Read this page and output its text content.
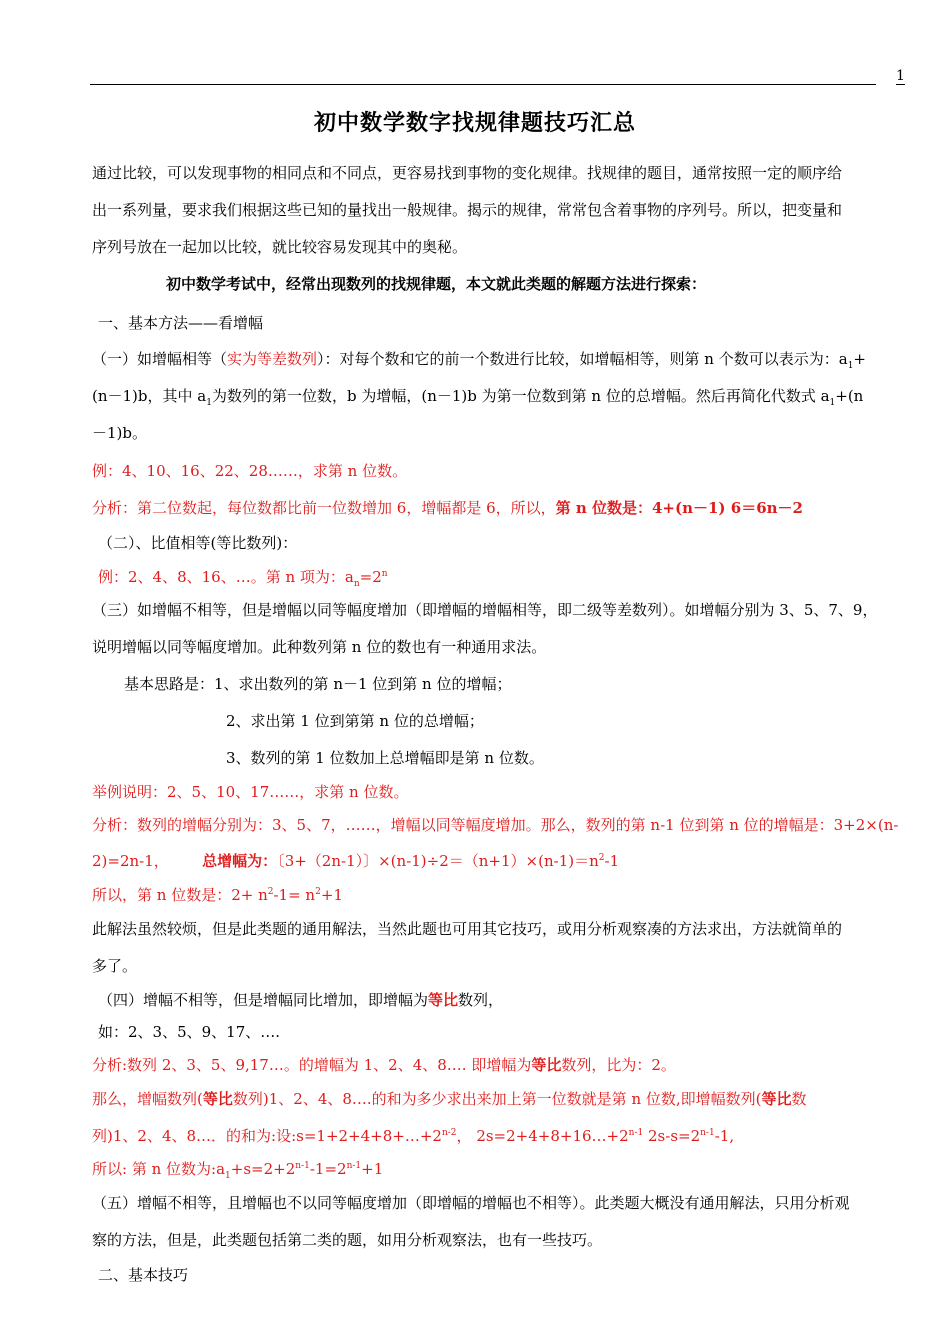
1
初中数学数字找规律题技巧汇总
通过比较，可以发现事物的相同点和不同点，更容易找到事物的变化规律。找规律的题目，通常按照一定的顺序给
出一系列量，要求我们根据这些已知的量找出一般规律。揭示的规律，常常包含着事物的序列号。所以，把变量和
序列号放在一起加以比较，就比较容易发现其中的奥秘。
初中数学考试中，经常出现数列的找规律题，本文就此类题的解题方法进行探索：
一、基本方法——看增幅
（一）如增幅相等（实为等差数列）：对每个数和它的前一个数进行比较，如增幅相等，则第 n 个数可以表示为：$a_1+$
(n－1)b，其中 $a_1$为数列的第一位数，b 为增幅，(n－1)b 为第一位数到第 n 位的总增幅。然后再简化代数式 $a_1+(n$
－1)b。
例：4、10、16、22、28……，求第 n 位数。
分析：第二位数起，每位数都比前一位数增加 6，增幅都是 6，所以，第 n 位数是：4+(n－1) 6＝6n－2
（二）、比值相等(等比数列)：
例：2、4、8、16、…。第 n 项为：$a_n=2^n$
（三）如增幅不相等，但是增幅以同等幅度增加（即增幅的增幅相等，即二级等差数列）。如增幅分别为 3、5、7、9，
说明增幅以同等幅度增加。此种数列第 n 位的数也有一种通用求法。
基本思路是：1、求出数列的第 n－1 位到第 n 位的增幅；
2、求出第 1 位到第第 n 位的总增幅；
3、数列的第 1 位数加上总增幅即是第 n 位数。
举例说明：2、5、10、17……，求第 n 位数。
分析：数列的增幅分别为：3、5、7，……，增幅以同等幅度增加。那么，数列的第 n-1 位到第 n 位的增幅是：3+2×(n-
2)=2n-1， 总增幅为：〔3+（2n-1）〕$\times(n-1)\div 2=(n+1)\times(n-1)=n^2-1$
所以，第 n 位数是：$2+ n^2-1= n^2+1$
此解法虽然较烦，但是此类题的通用解法，当然此题也可用其它技巧，或用分析观察凑的方法求出，方法就简单的
多了。
（四）增幅不相等，但是增幅同比增加，即增幅为等比数列，
如：2、3、5、9、17、….
分析:数列 2、3、5、9,17…。的增幅为 1、2、4、8…. 即增幅为等比数列，比为：2。
那么，增幅数列(等比数列)1、2、4、8….的和为多少求出来加上第一位数就是第 n 位数,即增幅数列(等比数
列)1、2、4、8…．的和为:设$:s=1+2+4+8+\dots+2^{n-2}$， $2s=2+4+8+16\dots+2^{n-1}$ $2s-s=2^{n-1}-1$,
所以: 第 n 位数为$:a_1+s=2+2^{n-1}-1=2^{n-1}+1$
（五）增幅不相等，且增幅也不以同等幅度增加（即增幅的增幅也不相等）。此类题大概没有通用解法，只用分析观
察的方法，但是，此类题包括第二类的题，如用分析观察法，也有一些技巧。
二、基本技巧
